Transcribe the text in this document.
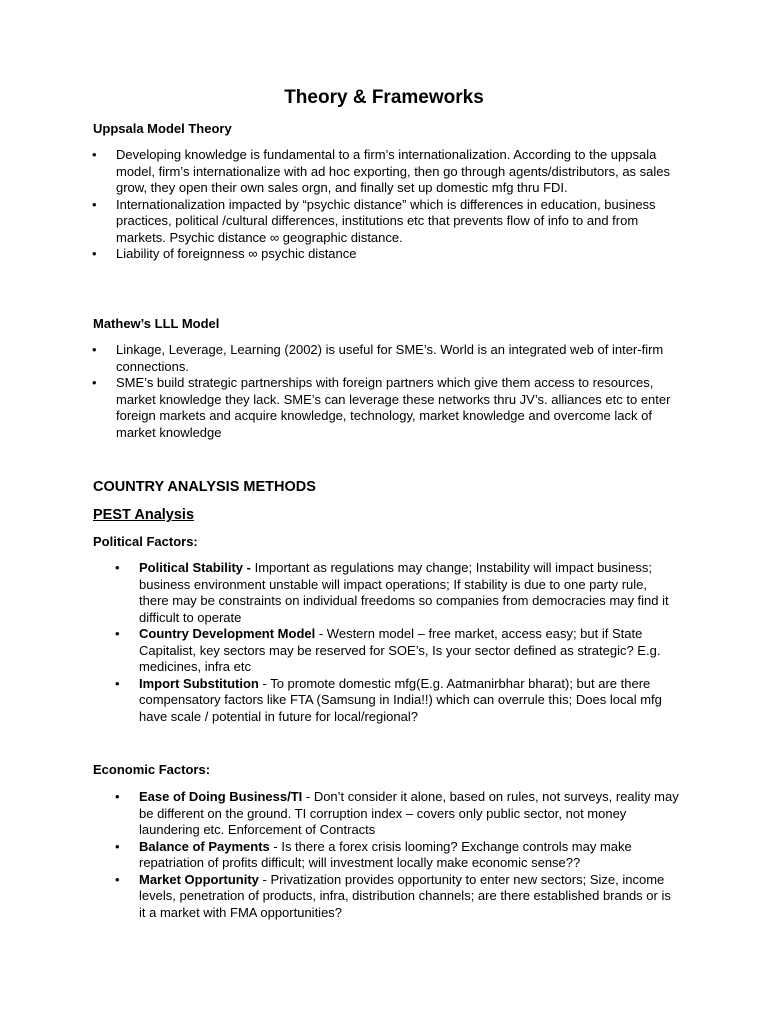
Theory & Frameworks
Uppsala Model Theory
• Developing knowledge is fundamental to a firm’s internationalization. According to the uppsala model, firm’s internationalize with ad hoc exporting, then go through agents/distributors, as sales grow, they open their own sales orgn, and finally set up domestic mfg thru FDI.
• Internationalization impacted by “psychic distance” which is differences in education, business practices, political /cultural differences, institutions etc that prevents flow of info to and from markets. Psychic distance ∞ geographic distance.
• Liability of foreignness ∞ psychic distance
Mathew’s LLL Model
• Linkage, Leverage, Learning (2002) is useful for SME’s. World is an integrated web of inter-firm connections.
• SME’s build strategic partnerships with foreign partners which give them access to resources, market knowledge they lack. SME’s can leverage these networks thru JV’s. alliances etc to enter foreign markets and acquire knowledge, technology, market knowledge and overcome lack of market knowledge
COUNTRY ANALYSIS METHODS
PEST Analysis
Political Factors:
• Political Stability - Important as regulations may change; Instability will impact business; business environment unstable will impact operations; If stability is due to one party rule, there may be constraints on individual freedoms so companies from democracies may find it difficult to operate
• Country Development Model - Western model – free market, access easy; but if State Capitalist, key sectors may be reserved for SOE’s, Is your sector defined as strategic? E.g. medicines, infra etc
• Import Substitution - To promote domestic mfg(E.g. Aatmanirbhar bharat); but are there compensatory factors like FTA (Samsung in India!!) which can overrule this; Does local mfg have scale / potential in future for local/regional?
Economic Factors:
• Ease of Doing Business/TI - Don’t consider it alone, based on rules, not surveys, reality may be different on the ground. TI corruption index – covers only public sector, not money laundering etc. Enforcement of Contracts
• Balance of Payments - Is there a forex crisis looming? Exchange controls may make repatriation of profits difficult; will investment locally make economic sense??
• Market Opportunity - Privatization provides opportunity to enter new sectors; Size, income levels, penetration of products, infra, distribution channels; are there established brands or is it a market with FMA opportunities?
